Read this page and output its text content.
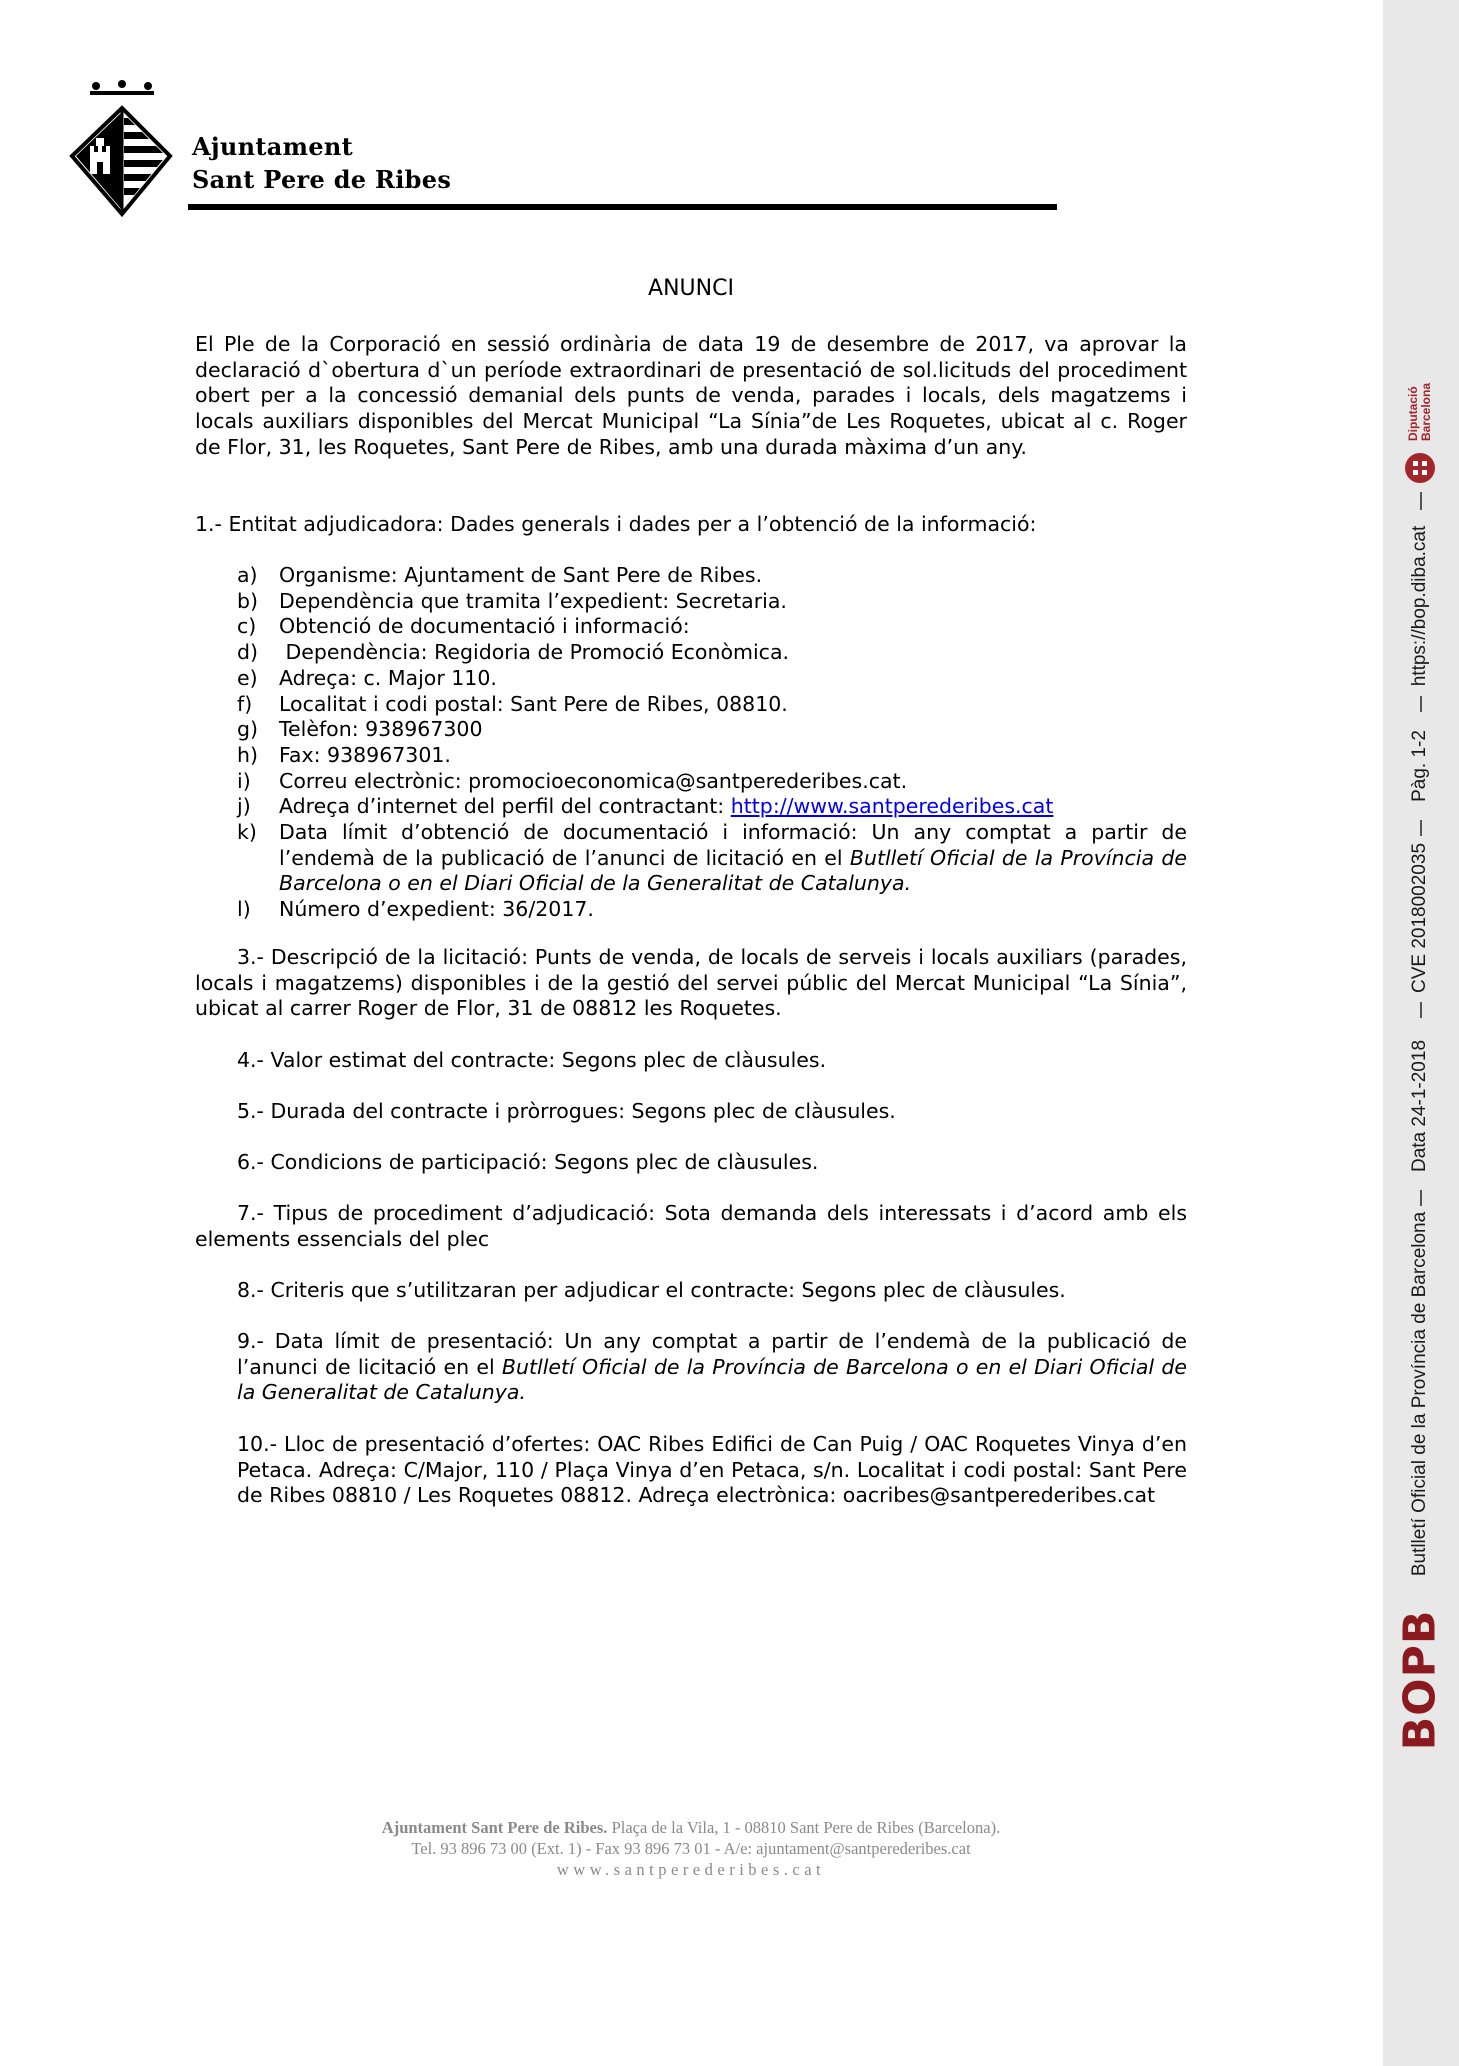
Ajuntament
Sant Pere de Ribes
ANUNCI
El Ple de la Corporació en sessió ordinària de data 19 de desembre de 2017, va aprovar la declaració d`obertura d`un període extraordinari de presentació de sol.licituds del procediment obert per a la concessió demanial dels punts de venda, parades i locals, dels magatzems i locals auxiliars disponibles del Mercat Municipal “La Sínia”de Les Roquetes, ubicat al c. Roger de Flor, 31, les Roquetes, Sant Pere de Ribes, amb una durada màxima d’un any.
1.- Entitat adjudicadora: Dades generals i dades per a l’obtenció de la informació:
a)	Organisme: Ajuntament de Sant Pere de Ribes.
b)	Dependència que tramita l’expedient: Secretaria.
c)	Obtenció de documentació i informació:
d)	Dependència: Regidoria de Promoció Econòmica.
e)	Adreça: c. Major 110.
f)	Localitat i codi postal: Sant Pere de Ribes, 08810.
g)	Telèfon: 938967300
h)	Fax: 938967301.
i)	Correu electrònic: promocioeconomica@santperederibes.cat.
j)	Adreça d’internet del perfil del contractant: http://www.santperederibes.cat
k)	Data límit d’obtenció de documentació i informació: Un any comptat a partir de l’endemà de la publicació de l’anunci de licitació en el Butlletí Oficial de la Província de Barcelona o en el Diari Oficial de la Generalitat de Catalunya.
l)	Número d’expedient: 36/2017.
3.- Descripció de la licitació: Punts de venda, de locals de serveis i locals auxiliars (parades, locals i magatzems) disponibles i de la gestió del servei públic del Mercat Municipal “La Sínia”, ubicat al carrer Roger de Flor, 31 de 08812 les Roquetes.
4.- Valor estimat del contracte: Segons plec de clàusules.
5.- Durada del contracte i pròrrogues: Segons plec de clàusules.
6.- Condicions de participació: Segons plec de clàusules.
7.- Tipus de procediment d’adjudicació: Sota demanda dels interessats i d’acord amb els elements essencials del plec
8.- Criteris que s’utilitzaran per adjudicar el contracte: Segons plec de clàusules.
9.- Data límit de presentació: Un any comptat a partir de l’endemà de la publicació de l’anunci de licitació en el Butlletí Oficial de la Província de Barcelona o en el Diari Oficial de la Generalitat de Catalunya.
10.- Lloc de presentació d’ofertes: OAC Ribes Edifici de Can Puig / OAC Roquetes Vinya d’en Petaca. Adreça: C/Major, 110 / Plaça Vinya d’en Petaca, s/n. Localitat i codi postal: Sant Pere de Ribes 08810 / Les Roquetes 08812. Adreça electrònica: oacribes@santperederibes.cat
Ajuntament Sant Pere de Ribes. Plaça de la Vila, 1 - 08810 Sant Pere de Ribes (Barcelona).
Tel. 93 896 73 00 (Ext. 1) - Fax 93 896 73 01 - A/e: ajuntament@santperederibes.cat
www.santperederibes.cat
Diputació Barcelona
https://bop.diba.cat
Pàg. 1-2
CVE 2018002035
Data 24-1-2018
Butlletí Oficial de la Província de Barcelona
BOPB
